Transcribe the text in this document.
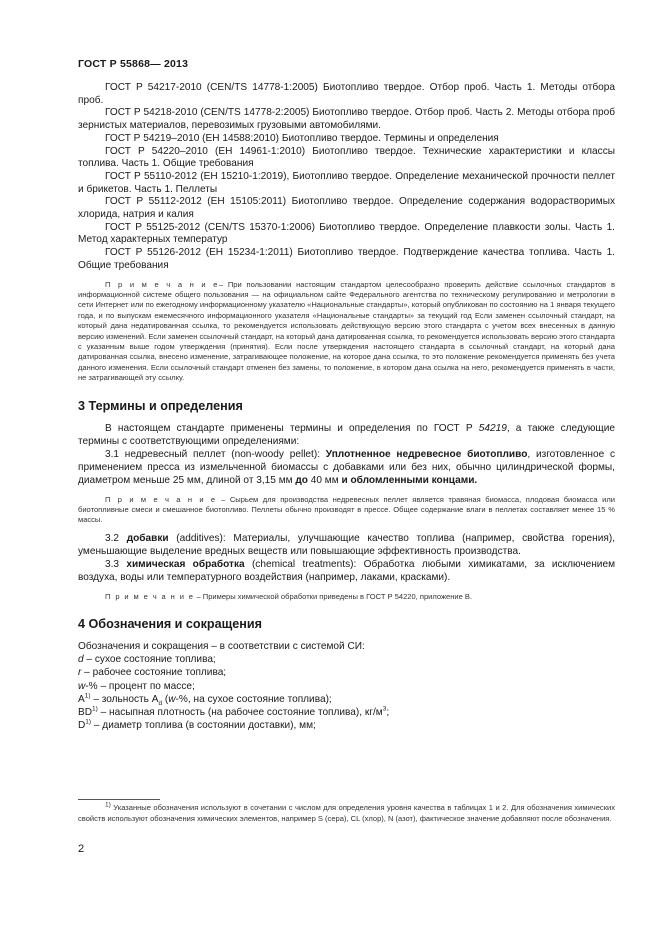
ГОСТ Р 55868— 2013

ГОСТ Р 54217-2010 (CEN/TS 14778-1:2005) Биотопливо твердое. Отбор проб. Часть 1. Методы отбора проб.

ГОСТ Р 54218-2010 (CEN/TS 14778-2:2005) Биотопливо твердое. Отбор проб. Часть 2. Методы отбора проб зернистых материалов, перевозимых грузовыми автомобилями.

ГОСТ Р 54219–2010 (ЕН 14588:2010) Биотопливо твердое. Термины и определения

ГОСТ Р 54220–2010 (ЕН 14961-1:2010) Биотопливо твердое. Технические характеристики и классы топлива. Часть 1. Общие требования

ГОСТ Р 55110-2012 (ЕН 15210-1:2019), Биотопливо твердое. Определение механической прочности пеллет и брикетов. Часть 1. Пеллеты

ГОСТ Р 55112-2012 (ЕН 15105:2011) Биотопливо твердое. Определение содержания водорастворимых хлорида, натрия и калия

ГОСТ Р 55125-2012 (CEN/TS 15370-1:2006) Биотопливо твердое. Определение плавкости золы. Часть 1. Метод характерных температур

ГОСТ Р 55126-2012 (ЕН 15234-1:2011) Биотопливо твердое. Подтверждение качества топлива. Часть 1. Общие требования

П р и м е ч а н и е– При пользовании настоящим стандартом целесообразно проверить действие ссылочных стандартов в информационной системе общего пользования — на официальном сайте Федерального агентства по техническому регулированию и метрологии в сети Интернет или по ежегодному информационному указателю «Национальные стандарты», который опубликован по состоянию на 1 января текущего года, и по выпускам ежемесячного информационного указателя «Национальные стандарты» за текущий год Если заменен ссылочный стандарт, на который дана недатированная ссылка, то рекомендуется использовать действующую версию этого стандарта с учетом всех внесенных в данную версию изменений. Если заменен ссылочный стандарт, на который дана датированная ссылка, то рекомендуется использовать версию этого стандарта с указанным выше годом утверждения (принятия). Если после утверждения настоящего стандарта в ссылочный стандарт, на который дана датированная ссылка, внесено изменение, затрагивающее положение, на которое дана ссылка, то это положение рекомендуется применять без учета данного изменения. Если ссылочный стандарт отменен без замены, то положение, в котором дана ссылка на него, рекомендуется применять в части, не затрагивающей эту ссылку.

3 Термины и определения

В настоящем стандарте применены термины и определения по ГОСТ Р 54219, а также следующие термины с соответствующими определениями:

3.1 недревесный пеллет (non-woody pellet): Уплотненное недревесное биотопливо, изготовленное с применением пресса из измельченной биомассы с добавками или без них, обычно цилиндрической формы, диаметром меньше 25 мм, длиной от 3,15 мм до 40 мм и обломленными концами.

П р и м е ч а н и е – Сырьем для производства недревесных пеллет является травяная биомасса, плодовая биомасса или биотопливные смеси и смешанное биотопливо. Пеллеты обычно производят в прессе. Общее содержание влаги в пеллетах составляет менее 15 % массы.

3.2 добавки (additives): Материалы, улучшающие качество топлива (например, свойства горения), уменьшающие выделение вредных веществ или повышающие эффективность производства.

3.3 химическая обработка (chemical treatments): Обработка любыми химикатами, за исключением воздуха, воды или температурного воздействия (например, лаками, красками).

П р и м е ч а н и е – Примеры химической обработки приведены в ГОСТ Р 54220, приложение В.

4 Обозначения и сокращения

Обозначения и сокращения – в соответствии с системой СИ:

d – сухое состояние топлива;

r – рабочее состояние топлива;

w-% – процент по массе;

$A^{1)}$ – зольность $A_d$ (w-%, на сухое состояние топлива);

BD$^{1)}$ – насыпная плотность (на рабочее состояние топлива), $кг/м^3$;

$D^{1)}$ – диаметр топлива (в состоянии доставки), мм;

$^{1)}$ Указанные обозначения используют в сочетании с числом для определения уровня качества в таблицах 1 и 2. Для обозначения химических свойств используют обозначения химических элементов, например S (сера), CL (хлор), N (азот), фактическое значение добавляют после обозначения.

2
